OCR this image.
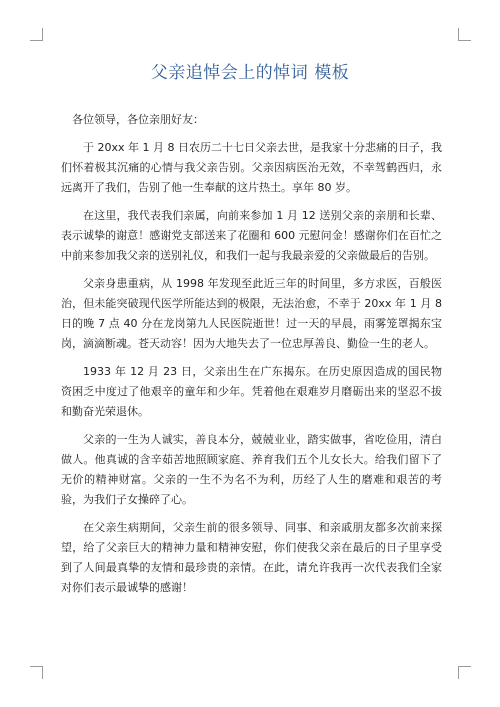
父亲追悼会上的悼词 模板

各位领导，各位亲朋好友：

于 20xx 年 1 月 8 日农历二十七日父亲去世，是我家十分悲痛的日子，我们怀着极其沉痛的心情与我父亲告别。父亲因病医治无效，不幸驾鹤西归，永远离开了我们，告别了他一生奉献的这片热土。享年 80 岁。

在这里，我代表我们亲属，向前来参加 1 月 12 送别父亲的亲朋和长辈、表示诚挚的谢意！感谢党支部送来了花圈和 600 元慰问金！感谢你们在百忙之中前来参加我父亲的送别礼仪，和我们一起与我最亲爱的父亲做最后的告别。

父亲身患重病，从 1998 年发现至此近三年的时间里，多方求医，百般医治，但未能突破现代医学所能达到的极限，无法治愈，不幸于 20xx 年 1 月 8 日的晚 7 点 40 分在龙岗第九人民医院逝世！过一天的早晨，雨雾笼罩揭东宝岗，滴滴断魂。苍天动容！因为大地失去了一位忠厚善良、勤俭一生的老人。

1933 年 12 月 23 日，父亲出生在广东揭东。在历史原因造成的国民物资困乏中度过了他艰辛的童年和少年。凭着他在艰难岁月磨砺出来的坚忍不拔和勤奋光荣退休。

父亲的一生为人诚实，善良本分，兢兢业业，踏实做事，省吃俭用，清白做人。他真诚的含辛茹苦地照顾家庭、养育我们五个儿女长大。给我们留下了无价的精神财富。父亲的一生不为名不为利，历经了人生的磨难和艰苦的考验，为我们子女操碎了心。

在父亲生病期间，父亲生前的很多领导、同事、和亲戚朋友都多次前来探望，给了父亲巨大的精神力量和精神安慰，你们使我父亲在最后的日子里享受到了人间最真挚的友情和最珍贵的亲情。在此，请允许我再一次代表我们全家对你们表示最诚挚的感谢！
